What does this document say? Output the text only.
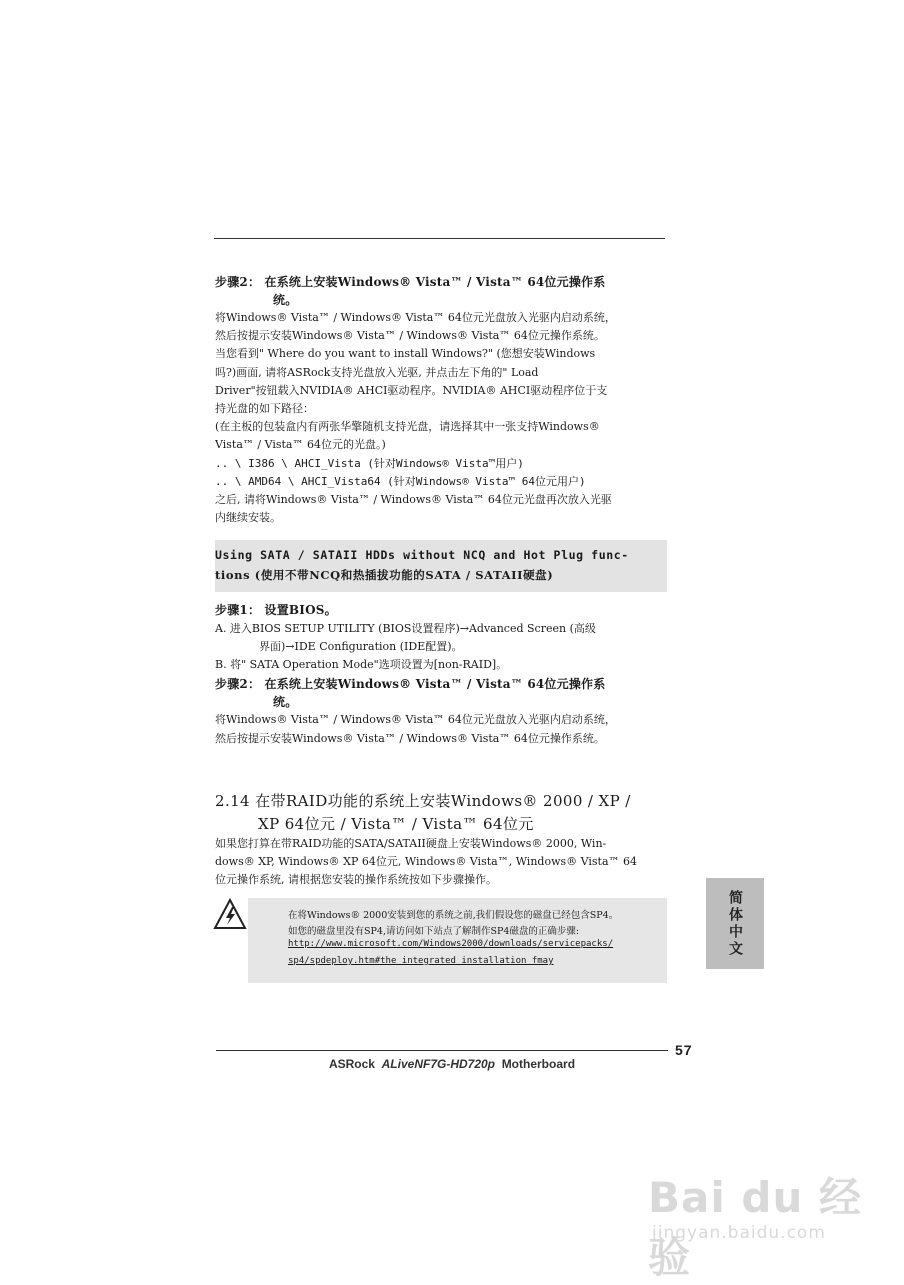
步骤2： 在系统上安装Windows® Vista™ / Vista™ 64位元操作系
统。
将Windows® Vista™ / Windows® Vista™ 64位元光盘放入光驱内启动系统，
然后按提示安装Windows® Vista™ / Windows® Vista™ 64位元操作系统。
当您看到" Where do you want to install Windows?" (您想安装Windows
吗?)画面, 请将ASRock支持光盘放入光驱, 并点击左下角的" Load
Driver"按钮载入NVIDIA® AHCI驱动程序。NVIDIA® AHCI驱动程序位于支
持光盘的如下路径：
(在主板的包装盒内有两张华擎随机支持光盘，请选择其中一张支持Windows®
Vista™ / Vista™ 64位元的光盘。)
.. \ I386 \ AHCI_Vista (针对Windows® Vista™用户)
.. \ AMD64 \ AHCI_Vista64 (针对Windows® Vista™ 64位元用户)
之后, 请将Windows® Vista™ / Windows® Vista™ 64位元光盘再次放入光驱
内继续安装。
Using SATA / SATAII HDDs without NCQ and Hot Plug func-
tions (使用不带NCQ和热插拔功能的SATA / SATAII硬盘)
步骤1： 设置BIOS。
A. 进入BIOS SETUP UTILITY (BIOS设置程序)→Advanced Screen (高级
界面)→IDE Configuration (IDE配置)。
B. 将" SATA Operation Mode"选项设置为[non-RAID]。
步骤2： 在系统上安装Windows® Vista™ / Vista™ 64位元操作系
统。
将Windows® Vista™ / Windows® Vista™ 64位元光盘放入光驱内启动系统，
然后按提示安装Windows® Vista™ / Windows® Vista™ 64位元操作系统。
2.14 在带RAID功能的系统上安装Windows® 2000 / XP /
XP 64位元 / Vista™ / Vista™ 64位元
如果您打算在带RAID功能的SATA/SATAII硬盘上安装Windows® 2000, Win-
dows® XP, Windows® XP 64位元, Windows® Vista™, Windows® Vista™ 64
位元操作系统, 请根据您安装的操作系统按如下步骤操作。
在将Windows® 2000安装到您的系统之前,我们假设您的磁盘已经包含SP4。
如您的磁盘里没有SP4,请访问如下站点了解制作SP4磁盘的正确步骤:
http://www.microsoft.com/Windows2000/downloads/servicepacks/
sp4/spdeploy.htm#the_integrated_installation_fmay
简体中文
57
ASRock ALiveNF7G-HD720p Motherboard
Bai du 经验
jingyan.baidu.com
